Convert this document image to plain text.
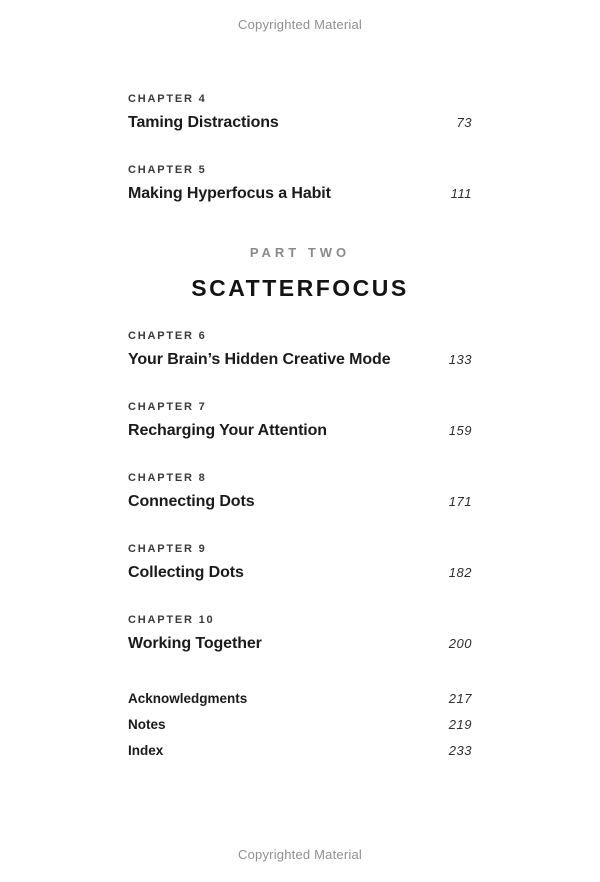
Copyrighted Material
CHAPTER 4
Taming Distractions	73
CHAPTER 5
Making Hyperfocus a Habit	111
PART TWO
SCATTERFOCUS
CHAPTER 6
Your Brain’s Hidden Creative Mode	133
CHAPTER 7
Recharging Your Attention	159
CHAPTER 8
Connecting Dots	171
CHAPTER 9
Collecting Dots	182
CHAPTER 10
Working Together	200
Acknowledgments	217
Notes	219
Index	233
Copyrighted Material
